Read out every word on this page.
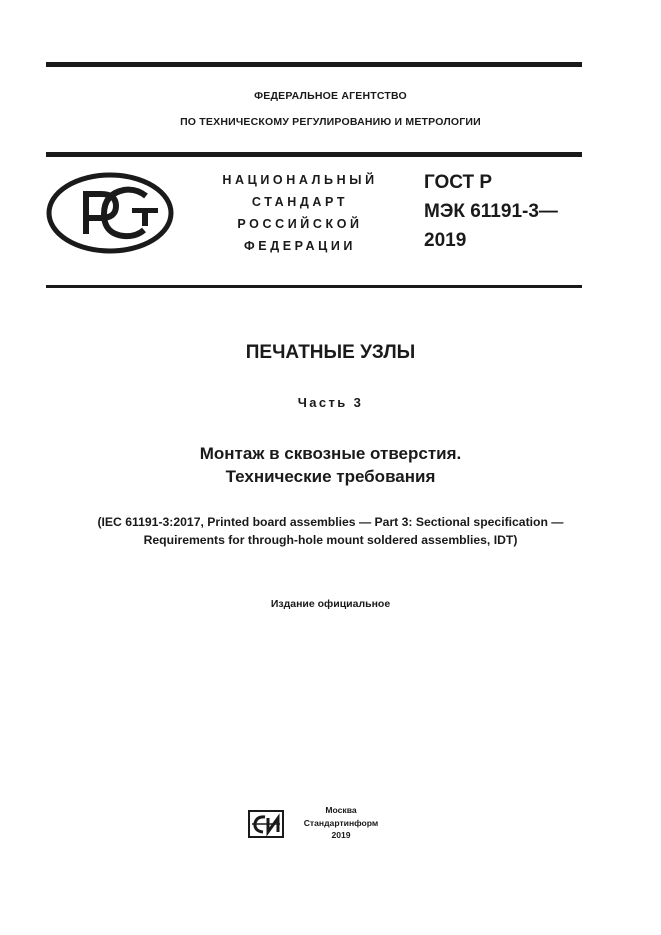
ФЕДЕРАЛЬНОЕ АГЕНТСТВО
ПО ТЕХНИЧЕСКОМУ РЕГУЛИРОВАНИЮ И МЕТРОЛОГИИ
НАЦИОНАЛЬНЫЙ
СТАНДАРТ
РОССИЙСКОЙ
ФЕДЕРАЦИИ
ГОСТ Р
МЭК 61191-3—
2019
ПЕЧАТНЫЕ УЗЛЫ
Часть 3
Монтаж в сквозные отверстия.
Технические требования
(IEC 61191-3:2017, Printed board assemblies — Part 3: Sectional specification —
Requirements for through-hole mount soldered assemblies, IDT)
Издание официальное
Москва
Стандартинформ
2019
